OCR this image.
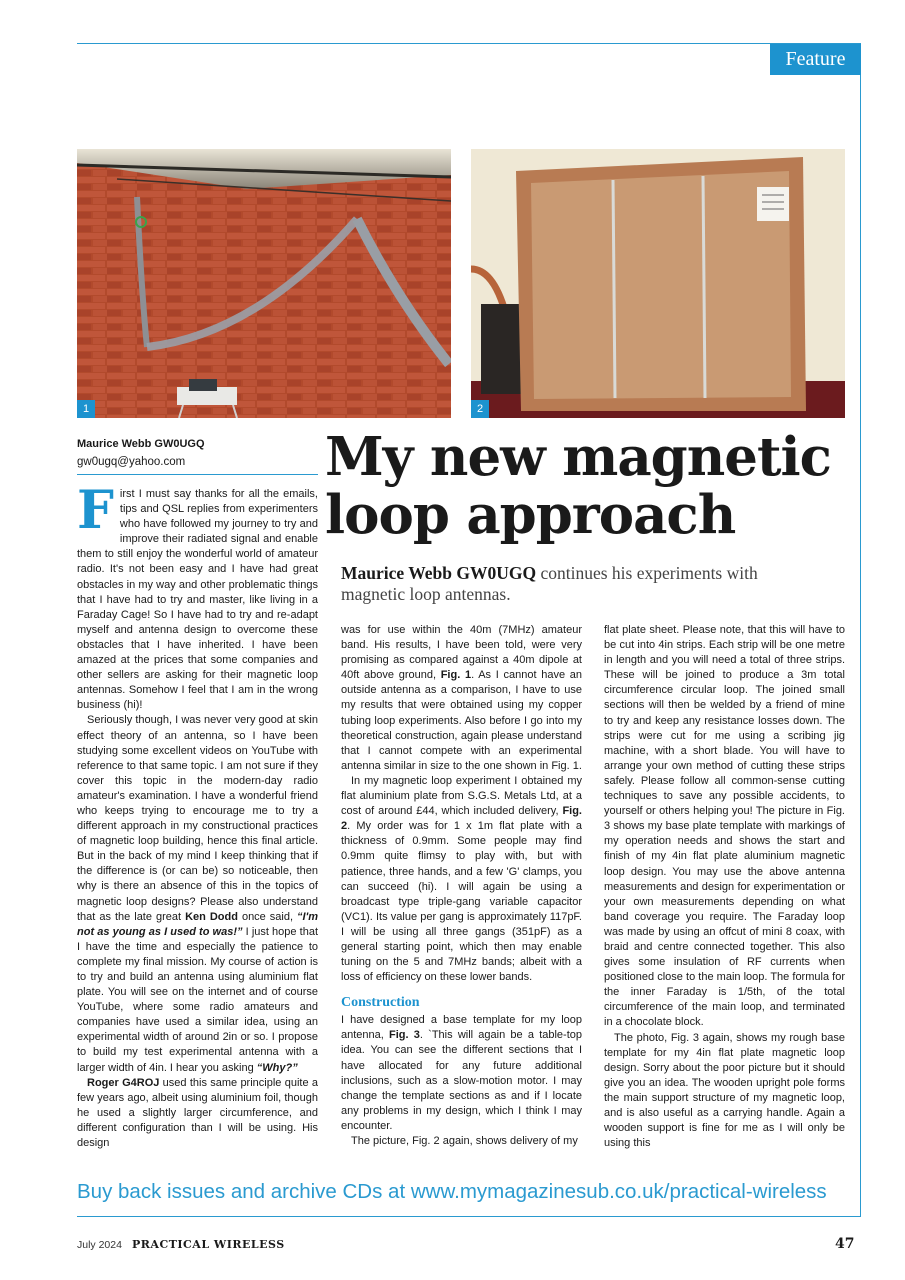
Feature
1	2
Maurice Webb GW0UGQ
gw0ugq@yahoo.com	My new magnetic loop approach
Maurice Webb GW0UGQ continues his experiments with magnetic loop antennas.

First I must say thanks for all the emails, tips and QSL replies from experimenters who have followed my journey to try and improve their radiated signal and enable them to still enjoy the wonderful world of amateur radio. It's not been easy and I have had great obstacles in my way and other problematic things that I have had to try and master, like living in a Faraday Cage! So I have had to try and re-adapt myself and antenna design to overcome these obstacles that I have inherited. I have been amazed at the prices that some companies and other sellers are asking for their magnetic loop antennas. Somehow I feel that I am in the wrong business (hi)!

Seriously though, I was never very good at skin effect theory of an antenna, so I have been studying some excellent videos on YouTube with reference to that same topic. I am not sure if they cover this topic in the modern-day radio amateur's examination. I have a wonderful friend who keeps trying to encourage me to try a different approach in my constructional practices of magnetic loop building, hence this final article. But in the back of my mind I keep thinking that if the difference is (or can be) so noticeable, then why is there an absence of this in the topics of magnetic loop designs? Please also understand that as the late great Ken Dodd once said, “I'm not as young as I used to was!” I just hope that I have the time and especially the patience to complete my final mission. My course of action is to try and build an antenna using aluminium flat plate. You will see on the internet and of course YouTube, where some radio amateurs and companies have used a similar idea, using an experimental width of around 2in or so. I propose to build my test experimental antenna with a larger width of 4in. I hear you asking “Why?”

Roger G4ROJ used this same principle quite a few years ago, albeit using aluminium foil, though he used a slightly larger circumference, and different configuration than I will be using. His design

was for use within the 40m (7MHz) amateur band. His results, I have been told, were very promising as compared against a 40m dipole at 40ft above ground, Fig. 1. As I cannot have an outside antenna as a comparison, I have to use my results that were obtained using my copper tubing loop experiments. Also before I go into my theoretical construction, again please understand that I cannot compete with an experimental antenna similar in size to the one shown in Fig. 1.

In my magnetic loop experiment I obtained my flat aluminium plate from S.G.S. Metals Ltd, at a cost of around £44, which included delivery, Fig. 2. My order was for 1 x 1m flat plate with a thickness of 0.9mm. Some people may find 0.9mm quite flimsy to play with, but with patience, three hands, and a few 'G' clamps, you can succeed (hi). I will again be using a broadcast type triple-gang variable capacitor (VC1). Its value per gang is approximately 117pF. I will be using all three gangs (351pF) as a general starting point, which then may enable tuning on the 5 and 7MHz bands; albeit with a loss of efficiency on these lower bands.

Construction

I have designed a base template for my loop antenna, Fig. 3. `This will again be a table-top idea. You can see the different sections that I have allocated for any future additional inclusions, such as a slow-motion motor. I may change the template sections as and if I locate any problems in my design, which I think I may encounter.

The picture, Fig. 2 again, shows delivery of my

flat plate sheet. Please note, that this will have to be cut into 4in strips. Each strip will be one metre in length and you will need a total of three strips. These will be joined to produce a 3m total circumference circular loop. The joined small sections will then be welded by a friend of mine to try and keep any resistance losses down. The strips were cut for me using a scribing jig machine, with a short blade. You will have to arrange your own method of cutting these strips safely. Please follow all common-sense cutting techniques to save any possible accidents, to yourself or others helping you! The picture in Fig. 3 shows my base plate template with markings of my operation needs and shows the start and finish of my 4in flat plate aluminium magnetic loop design. You may use the above antenna measurements and design for experimentation or your own measurements depending on what band coverage you require. The Faraday loop was made by using an offcut of mini 8 coax, with braid and centre connected together. This also gives some insulation of RF currents when positioned close to the main loop. The formula for the inner Faraday is 1/5th, of the total circumference of the main loop, and terminated in a chocolate block.

The photo, Fig. 3 again, shows my rough base template for my 4in flat plate magnetic loop design. Sorry about the poor picture but it should give you an idea. The wooden upright pole forms the main support structure of my magnetic loop, and is also useful as a carrying handle. Again a wooden support is fine for me as I will only be using this

Buy back issues and archive CDs at www.mymagazinesub.co.uk/practical-wireless
July 2024 PRACTICAL WIRELESS	47
